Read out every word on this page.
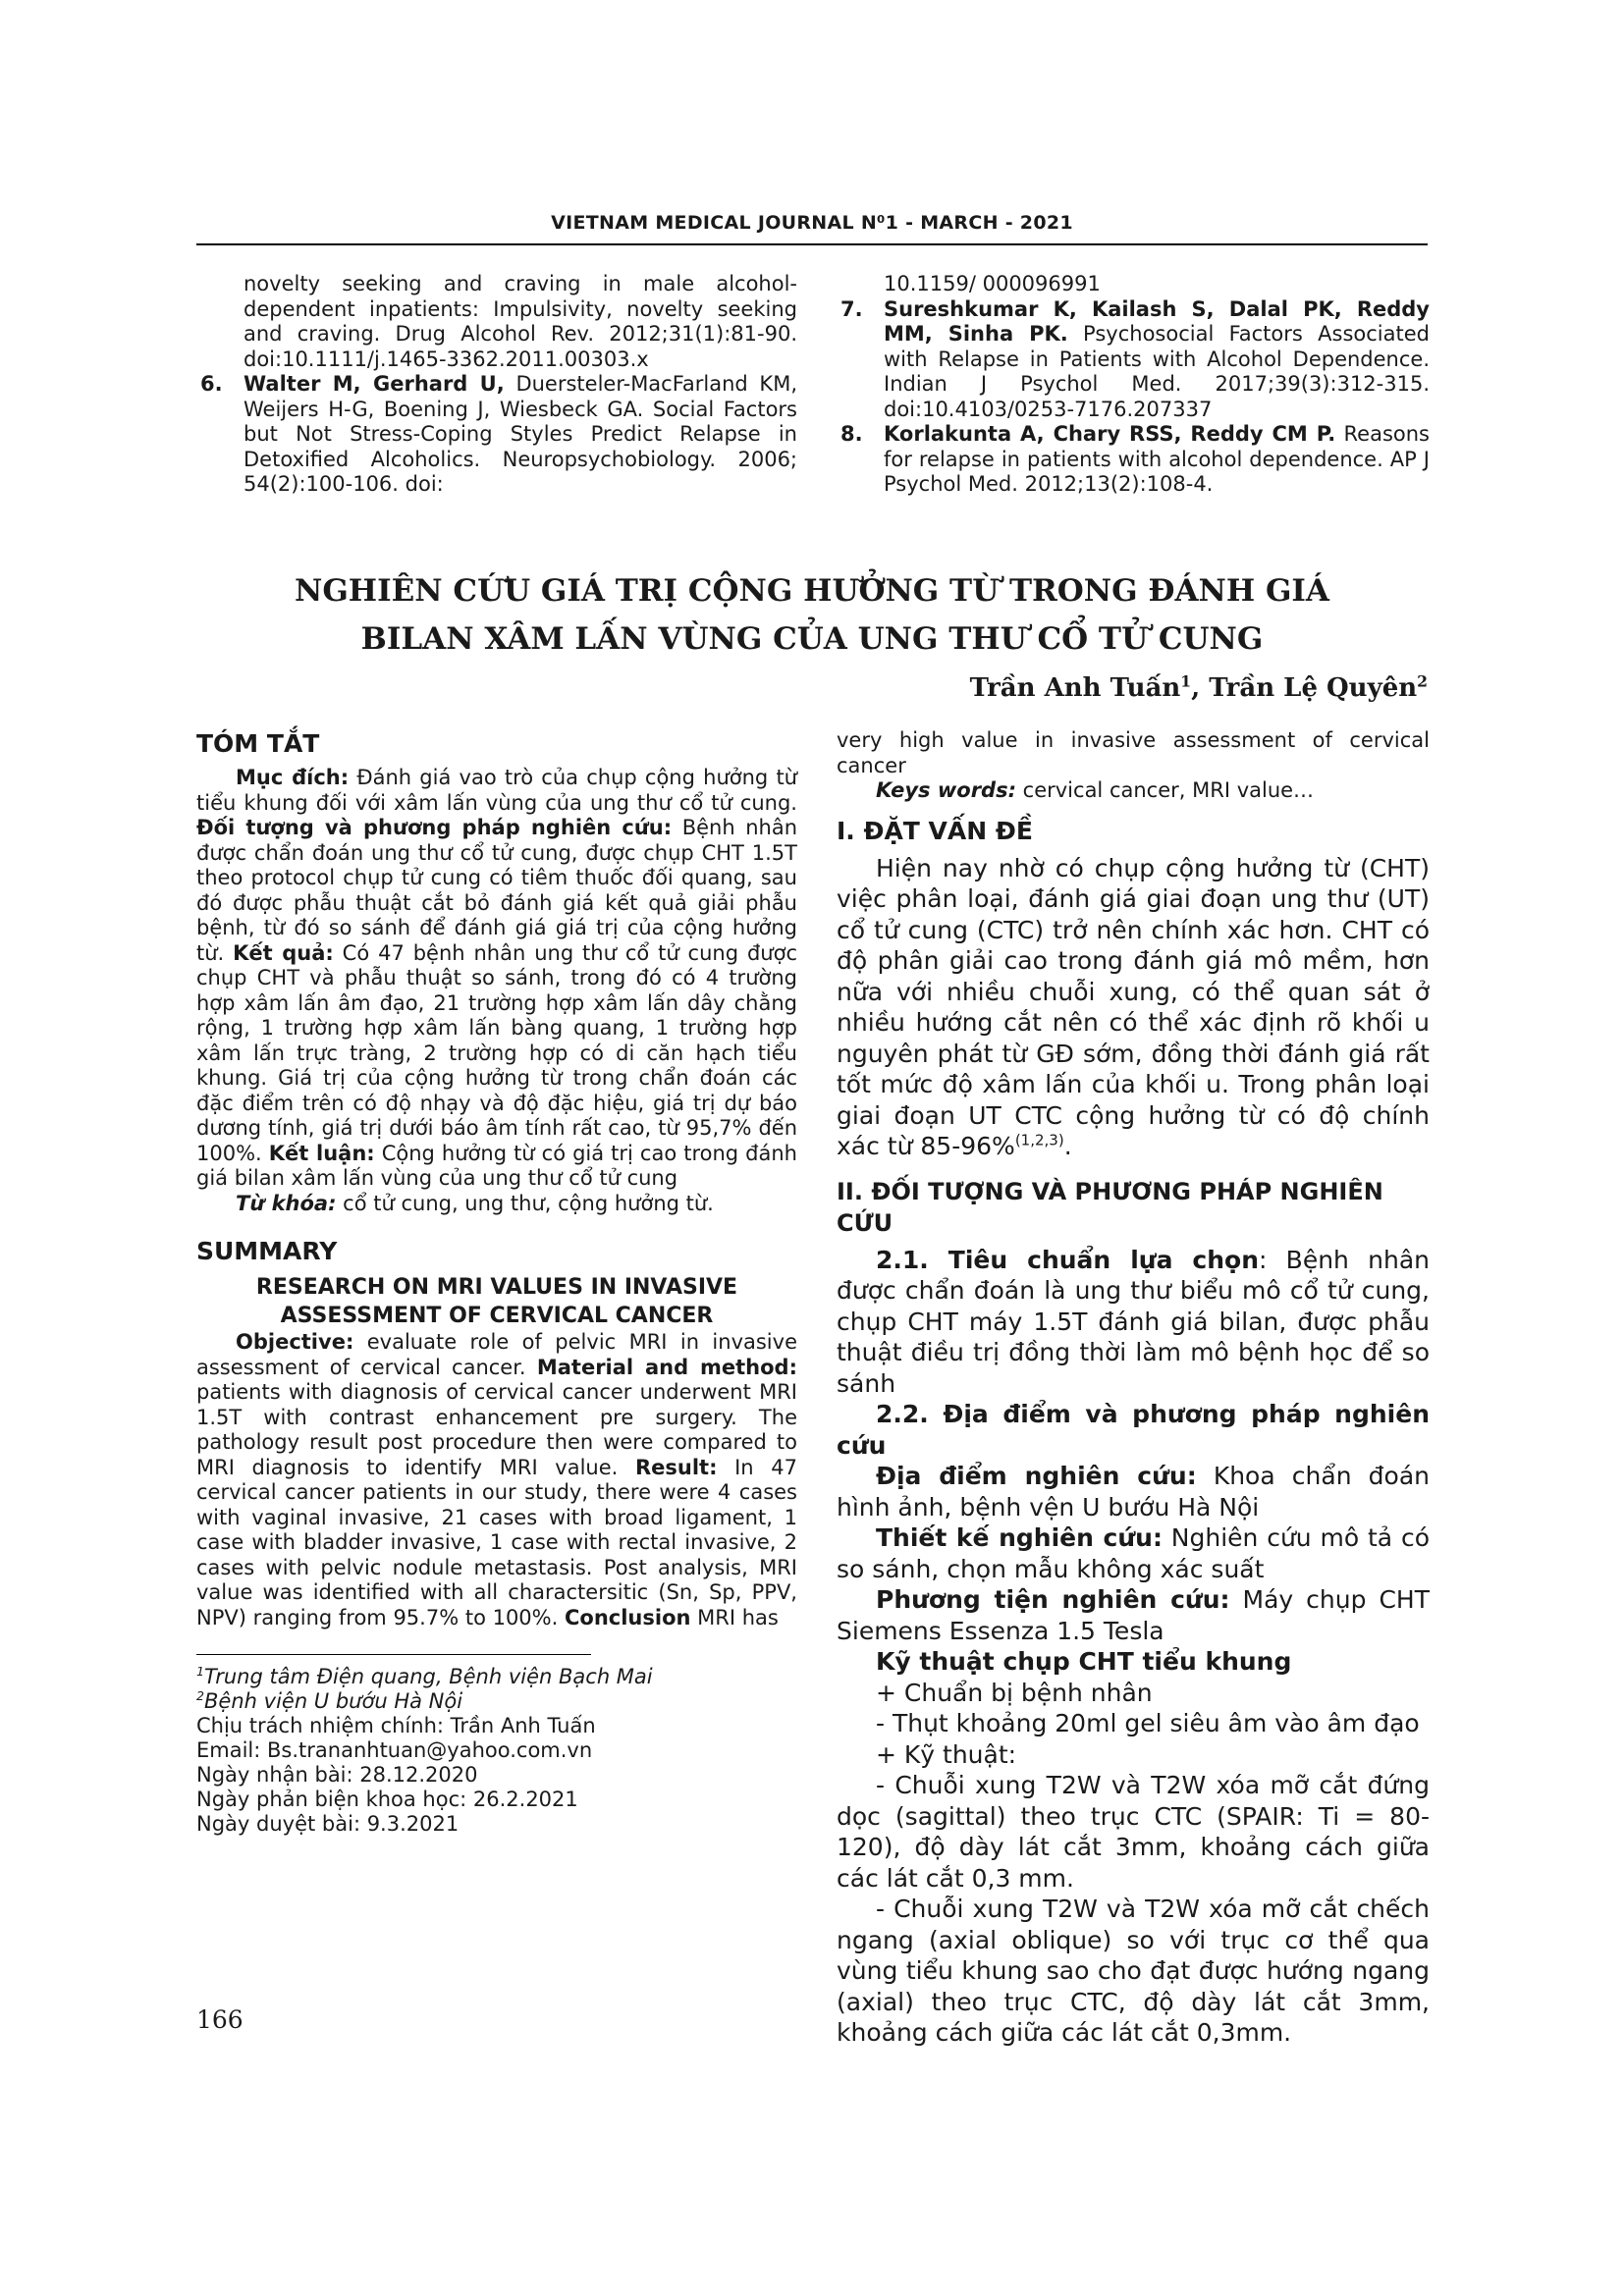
VIETNAM MEDICAL JOURNAL N⁰1 - MARCH - 2021
novelty seeking and craving in male alcohol-dependent inpatients: Impulsivity, novelty seeking and craving. Drug Alcohol Rev. 2012;31(1):81-90. doi:10.1111/j.1465-3362.2011.00303.x
6.	Walter M, Gerhard U, Duersteler-MacFarland KM, Weijers H-G, Boening J, Wiesbeck GA. Social Factors but Not Stress-Coping Styles Predict Relapse in Detoxified Alcoholics. Neuropsychobiology. 2006; 54(2):100-106. doi:
10.1159/ 000096991
7.	Sureshkumar K, Kailash S, Dalal PK, Reddy MM, Sinha PK. Psychosocial Factors Associated with Relapse in Patients with Alcohol Dependence. Indian J Psychol Med. 2017;39(3):312-315. doi:10.4103/0253-7176.207337
8.	Korlakunta A, Chary RSS, Reddy CM P. Reasons for relapse in patients with alcohol dependence. AP J Psychol Med. 2012;13(2):108-4.
NGHIÊN CỨU GIÁ TRỊ CỘNG HƯỞNG TỪ TRONG ĐÁNH GIÁ
BILAN XÂM LẤN VÙNG CỦA UNG THƯ CỔ TỬ CUNG
Trần Anh Tuấn$^1$, Trần Lệ Quyên$^2$
TÓM TẮT

Mục đích: Đánh giá vao trò của chụp cộng hưởng từ tiểu khung đối với xâm lấn vùng của ung thư cổ tử cung. Đối tượng và phương pháp nghiên cứu: Bệnh nhân được chẩn đoán ung thư cổ tử cung, được chụp CHT 1.5T theo protocol chụp tử cung có tiêm thuốc đối quang, sau đó được phẫu thuật cắt bỏ đánh giá kết quả giải phẫu bệnh, từ đó so sánh để đánh giá giá trị của cộng hưởng từ. Kết quả: Có 47 bệnh nhân ung thư cổ tử cung được chụp CHT và phẫu thuật so sánh, trong đó có 4 trường hợp xâm lấn âm đạo, 21 trường hợp xâm lấn dây chằng rộng, 1 trường hợp xâm lấn bàng quang, 1 trường hợp xâm lấn trực tràng, 2 trường hợp có di căn hạch tiểu khung. Giá trị của cộng hưởng từ trong chẩn đoán các đặc điểm trên có độ nhạy và độ đặc hiệu, giá trị dự báo dương tính, giá trị dưới báo âm tính rất cao, từ 95,7% đến 100%. Kết luận: Cộng hưởng từ có giá trị cao trong đánh giá bilan xâm lấn vùng của ung thư cổ tử cung

Từ khóa: cổ tử cung, ung thư, cộng hưởng từ.

SUMMARY
RESEARCH ON MRI VALUES IN INVASIVE
ASSESSMENT OF CERVICAL CANCER

Objective: evaluate role of pelvic MRI in invasive assessment of cervical cancer. Material and method: patients with diagnosis of cervical cancer underwent MRI 1.5T with contrast enhancement pre surgery. The pathology result post procedure then were compared to MRI diagnosis to identify MRI value. Result: In 47 cervical cancer patients in our study, there were 4 cases with vaginal invasive, 21 cases with broad ligament, 1 case with bladder invasive, 1 case with rectal invasive, 2 cases with pelvic nodule metastasis. Post analysis, MRI value was identified with all charactersitic (Sn, Sp, PPV, NPV) ranging from 95.7% to 100%. Conclusion MRI has

$^1$Trung tâm Điện quang, Bệnh viện Bạch Mai

$^2$Bệnh viện U bướu Hà Nội

Chịu trách nhiệm chính: Trần Anh Tuấn

Email: Bs.trananhtuan@yahoo.com.vn

Ngày nhận bài: 28.12.2020

Ngày phản biện khoa học: 26.2.2021

Ngày duyệt bài: 9.3.2021

very high value in invasive assessment of cervical cancer

Keys words: cervical cancer, MRI value…

I. ĐẶT VẤN ĐỀ

Hiện nay nhờ có chụp cộng hưởng từ (CHT) việc phân loại, đánh giá giai đoạn ung thư (UT) cổ tử cung (CTC) trở nên chính xác hơn. CHT có độ phân giải cao trong đánh giá mô mềm, hơn nữa với nhiều chuỗi xung, có thể quan sát ở nhiều hướng cắt nên có thể xác định rõ khối u nguyên phát từ GĐ sớm, đồng thời đánh giá rất tốt mức độ xâm lấn của khối u. Trong phân loại giai đoạn UT CTC cộng hưởng từ có độ chính xác từ 85-96%$^{(1,2,3)}$.

II. ĐỐI TƯỢNG VÀ PHƯƠNG PHÁP NGHIÊN CỨU

2.1. Tiêu chuẩn lựa chọn: Bệnh nhân được chẩn đoán là ung thư biểu mô cổ tử cung, chụp CHT máy 1.5T đánh giá bilan, được phẫu thuật điều trị đồng thời làm mô bệnh học để so sánh

2.2. Địa điểm và phương pháp nghiên cứu

Địa điểm nghiên cứu: Khoa chẩn đoán hình ảnh, bệnh vện U bướu Hà Nội

Thiết kế nghiên cứu: Nghiên cứu mô tả có so sánh, chọn mẫu không xác suất

Phương tiện nghiên cứu: Máy chụp CHT Siemens Essenza 1.5 Tesla

Kỹ thuật chụp CHT tiểu khung

+ Chuẩn bị bệnh nhân

- Thụt khoảng 20ml gel siêu âm vào âm đạo

+ Kỹ thuật:

- Chuỗi xung T2W và T2W xóa mỡ cắt đứng dọc (sagittal) theo trục CTC (SPAIR: Ti = 80-120), độ dày lát cắt 3mm, khoảng cách giữa các lát cắt 0,3 mm.

- Chuỗi xung T2W và T2W xóa mỡ cắt chếch ngang (axial oblique) so với trục cơ thể qua vùng tiểu khung sao cho đạt được hướng ngang (axial) theo trục CTC, độ dày lát cắt 3mm, khoảng cách giữa các lát cắt 0,3mm.

166
